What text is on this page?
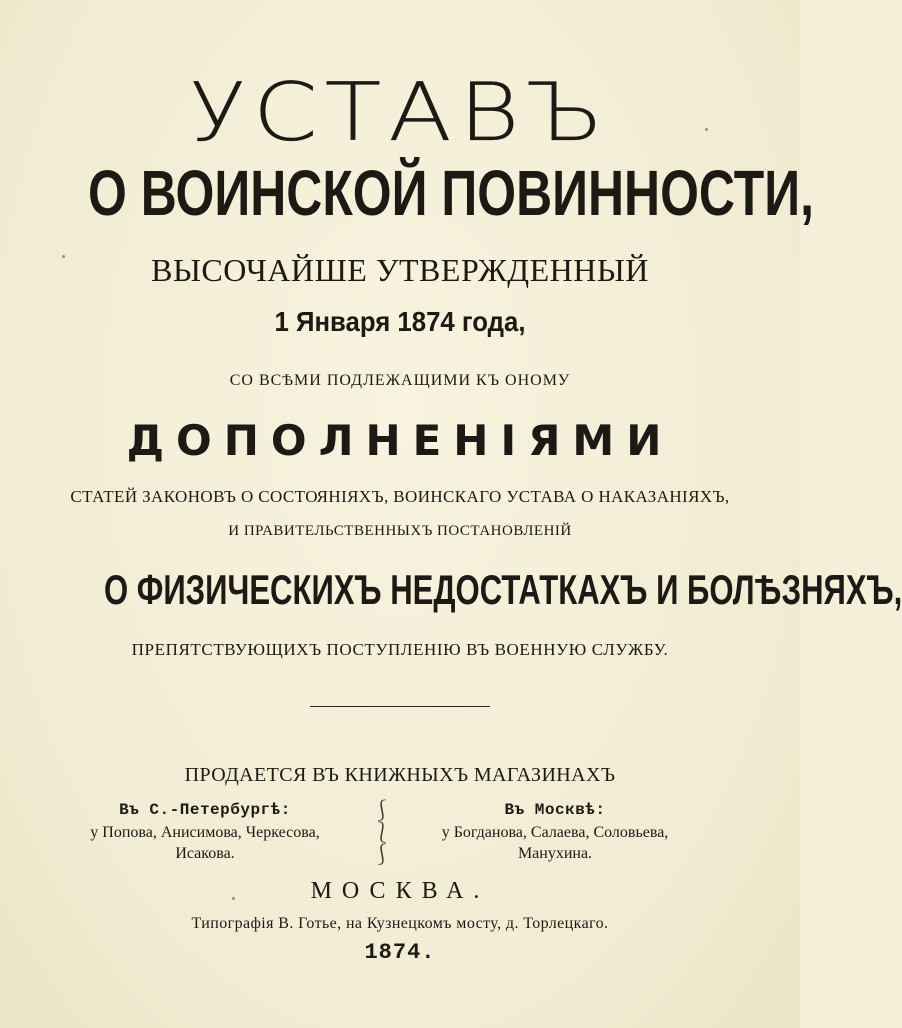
УСТАВЪ
О ВОИНСКОЙ ПОВИННОСТИ,
ВЫСОЧАЙШЕ УТВЕРЖДЕННЫЙ
1 Января 1874 года,
СО ВСѢМИ ПОДЛЕЖАЩИМИ КЪ ОНОМУ
ДОПОЛНЕНІЯМИ
СТАТЕЙ ЗАКОНОВЪ О СОСТОЯНІЯХЪ, ВОИНСКАГО УСТАВА О НАКАЗАНІЯХЪ,
И ПРАВИТЕЛЬСТВЕННЫХЪ ПОСТАНОВЛЕНІЙ
О ФИЗИЧЕСКИХЪ НЕДОСТАТКАХЪ И БОЛѢЗНЯХЪ,
ПРЕПЯТСТВУЮЩИХЪ ПОСТУПЛЕНІЮ ВЪ ВОЕННУЮ СЛУЖБУ.
ПРОДАЕТСЯ ВЪ КНИЖНЫХЪ МАГАЗИНАХЪ
Въ С.-Петербургѣ:
у Попова, Анисимова, Черкесова,
Исакова.
⎰
⎱
⎰
Въ Москвѣ:
у Богданова, Салаева, Соловьева,
Манухина.
МОСКВА.
Типографія В. Готье, на Кузнецкомъ мосту, д. Торлецкаго.
1874.
